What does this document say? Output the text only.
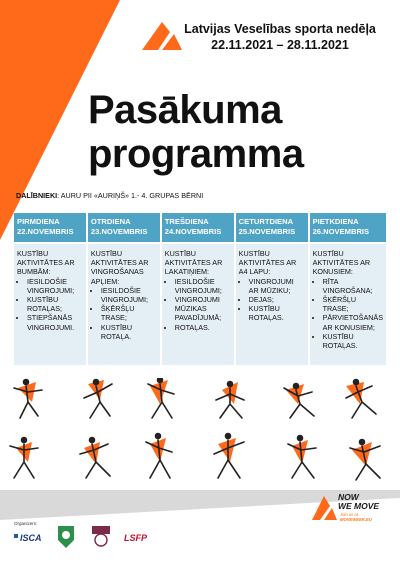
Latvijas Veselības sporta nedēļa
22.11.2021 – 28.11.2021
Pasākuma
programma
DALĪBNIEKI: AURU PII «AURIŅŠ» 1.- 4. GRUPAS BĒRNI
PIRMDIENA
22.NOVEMBRIS
KUSTĪBU AKTIVITĀTES AR BUMBĀM:
• IESILDOŠIE VINGROJUMI;
• KUSTĪBU ROTAĻAS;
• STIEPŠANĀS VINGROJUMI.
OTRDIENA
23.NOVEMBRIS
KUSTĪBU AKTIVITĀTES AR VINGROŠANAS APĻIEM:
• IESILDOŠIE VINGROJUMI;
• ŠĶĒRŠĻU TRASE;
• KUSTĪBU ROTAĻA.
TREŠDIENA
24.NOVEMBRIS
KUSTĪBU AKTIVITĀTES AR LAKATIŅIEM:
• IESILDOŠIE VINGROJUMI;
• VINGROJUMI MŪZIKAS PAVADĪJUMĀ;
• ROTAĻAS.
CETURTDIENA
25.NOVEMBRIS
KUSTĪBU AKTIVITĀTES AR A4 LAPU:
• VINGROJUMI AR MŪZIKU;
• DEJAS;
• KUSTĪBU ROTAĻAS.
PIETKDIENA
26.NOVEMBRIS
KUSTĪBU AKTIVITĀTES AR KONUSIEM:
• RĪTA VINGROŠANA;
• ŠĶĒRŠĻU TRASE;
• PĀRVIETOŠANĀS AR KONUSIEM;
• KUSTĪBU ROTAĻAS.
NOW
WE MOVE
Join us at
MOVEWEEK.EU
Organizers:
ISCA	LSFP
